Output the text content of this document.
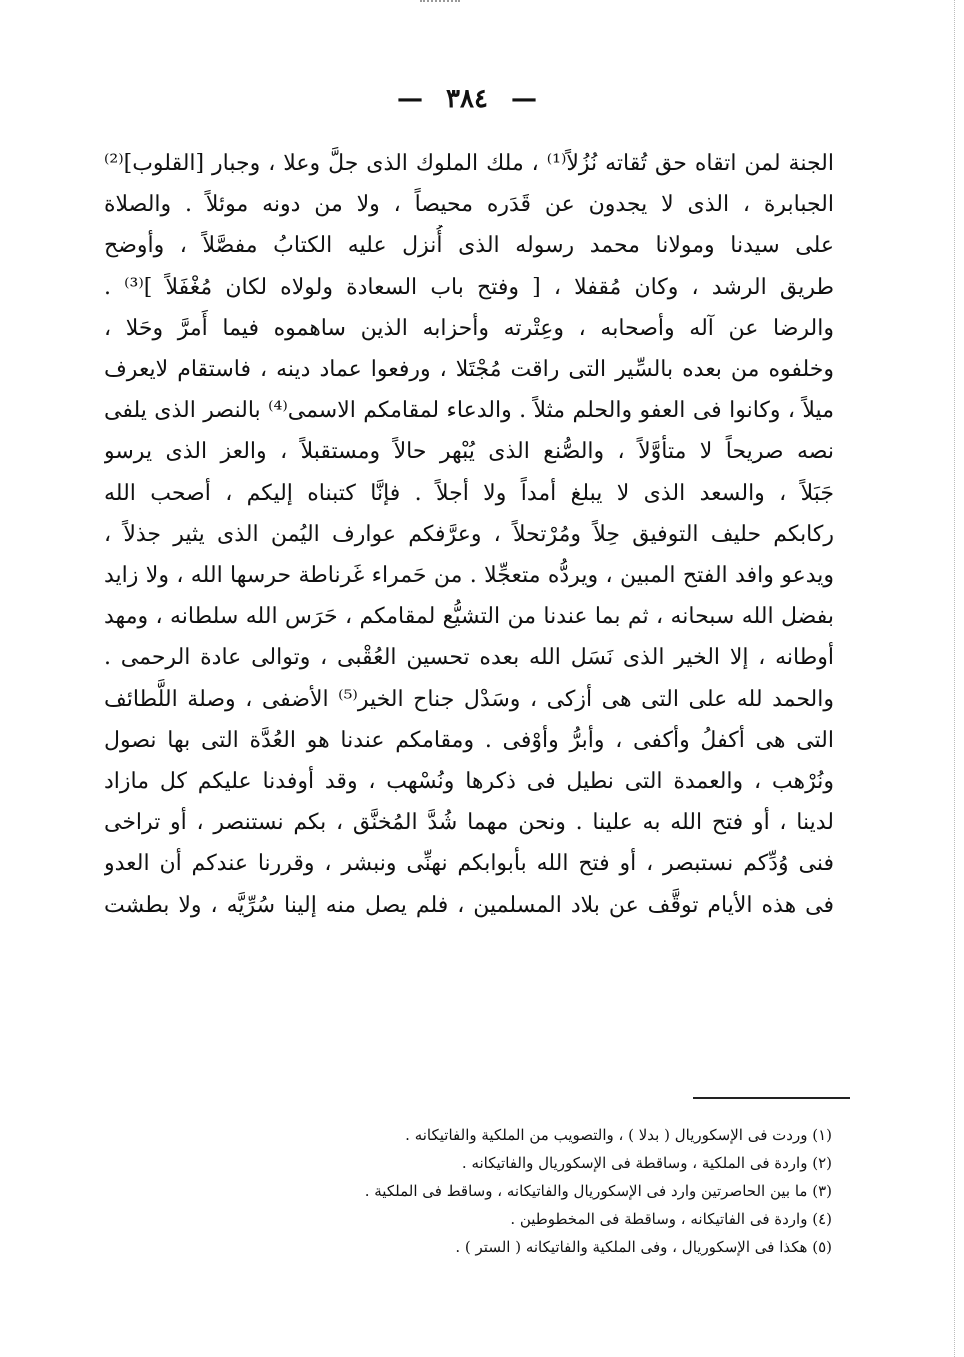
— ٣٨٤ —
الجنة لمن اتقاه حق تُقاته نُزُلاً⁽¹⁾ ، ملك الملوك الذى جلَّ وعلا ، وجبار [القلوب]⁽²⁾
الجبابرة ، الذى لا يجدون عن قَدَره محيصاً ، ولا من دونه موئلاً . والصلاة
على سيدنا ومولانا محمد رسوله الذى أُنزل عليه الكتابُ مفصَّلاً ، وأوضح
طريق الرشد ، وكان مُقفلا ، [ وفتح باب السعادة ولولاه لكان مُغْفَلاً ]⁽³⁾ .
والرضا عن آله وأصحابه ، وعِتْرته وأحزابه الذين ساهموه فيما أَمرَّ وحَلا ،
وخلفوه من بعده بالسِّير التى راقت مُجْتَلا ، ورفعوا عماد دينه ، فاستقام لايعرف
ميلاً ، وكانوا فى العفو والحلم مثلاً . والدعاء لمقامكم الاسمى⁽⁴⁾ بالنصر الذى يلفى
نصه صريحاً لا متأوَّلاً ، والصُّنع الذى يُبْهر حالاً ومستقبلاً ، والعز الذى يرسو
جَبَلاً ، والسعد الذى لا يبلغ أمداً ولا أجلاً . فإنَّا كتبناه إليكم ، أصحب الله
ركابكم حليف التوفيق حِلاً ومُرْتحلاً ، وعرَّفكم عوارف اليُمن الذى يثير جذلاً ،
ويدعو وافد الفتح المبين ، ويردُّه متعجِّلا . من حَمراء غَرناطة حرسها الله ، ولا زايد
بفضل الله سبحانه ، ثم بما عندنا من التشيُّع لمقامكم ، حَرَس الله سلطانه ، ومهد
أوطانه ، إلا الخير الذى نَسَل الله بعده تحسين العُقْبى ، وتوالى عادة الرحمى .
والحمد لله على التى هى أزكى ، وسَدْل جناح الخير⁽⁵⁾ الأضفى ، وصلة اللَّطائف
التى هى أكفلُ وأكفى ، وأبرُّ وأوْفى . ومقامكم عندنا هو العُدَّة التى بها نصول
ونُرْهب ، والعمدة التى نطيل فى ذكرها ونُسْهب ، وقد أوفدنا عليكم كل مازاد
لدينا ، أو فتح الله به علينا . ونحن مهما شُدَّ المُخنَّق ، بكم نستنصر ، أو تراخى
فنى وُدِّكم نستبصر ، أو فتح الله بأبوابكم نهنِّى ونبشر ، وقررنا عندكم أن العدو
فى هذه الأيام توقَّف عن بلاد المسلمين ، فلم يصل منه إلينا سُرِّيَّه ، ولا بطشت
(١) وردت فى الإسكوريال ( بدلا ) ، والتصويب من الملكية والفاتيكانه .
(٢) واردة فى الملكية ، وساقطة فى الإسكوريال والفاتيكانه .
(٣) ما بين الحاصرتين وارد فى الإسكوريال والفاتيكانه ، وساقط فى الملكية .
(٤) واردة فى الفاتيكانه ، وساقطة فى المخطوطين .
(٥) هكذا فى الإسكوريال ، وفى الملكية والفاتيكانه ( الستر ) .
